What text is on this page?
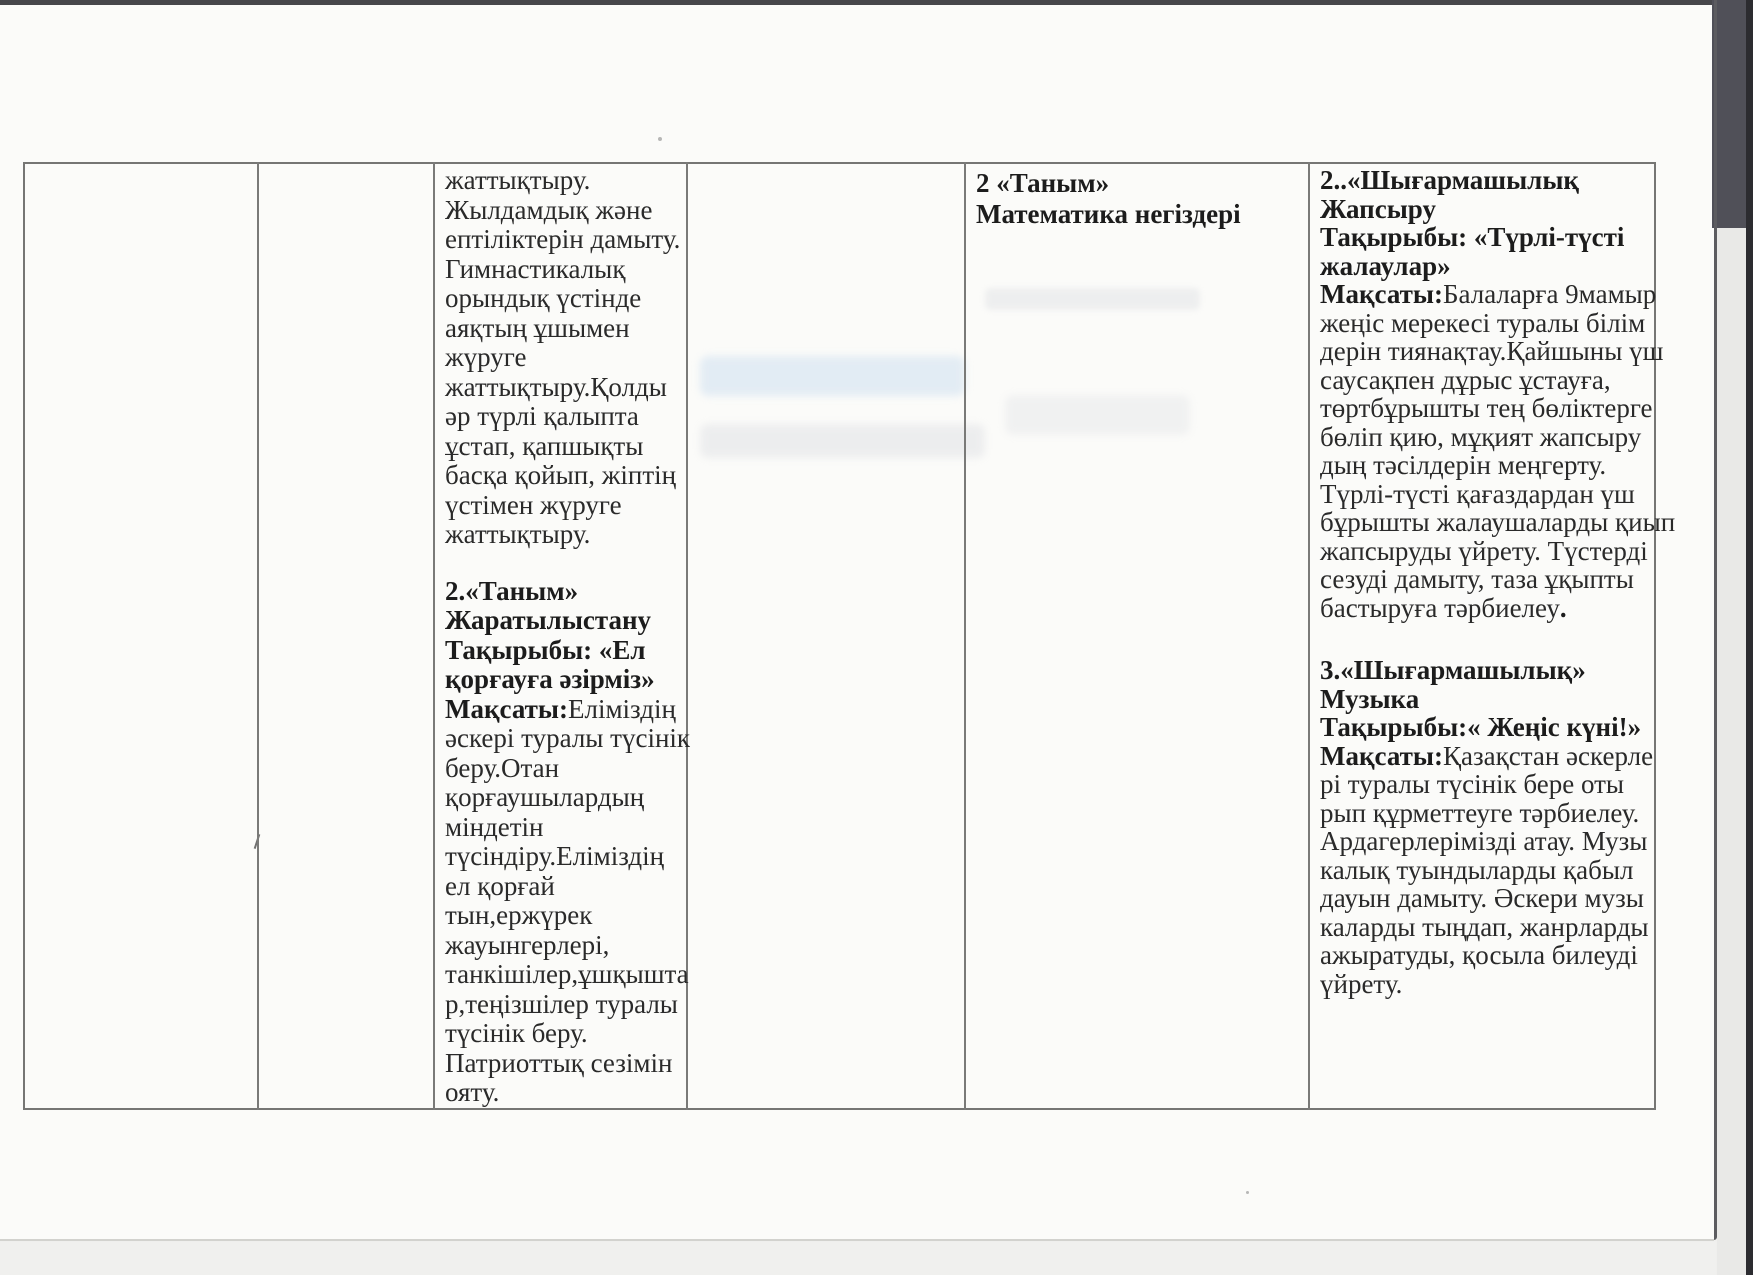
жаттықтыру.
Жылдамдық және
ептіліктерін дамыту.
Гимнастикалық
орындық үстінде
аяқтың ұшымен
жүруге
жаттықтыру.Қолды
әр түрлі қалыпта
ұстап, қапшықты
басқа қойып, жіптің
үстімен жүруге
жаттықтыру.
2.«Таным»
Жаратылыстану
Тақырыбы: «Ел
қорғауға әзірміз»
Мақсаты:Еліміздің
әскері туралы түсінік
беру.Отан
қорғаушылардың
міндетін
түсіндіру.Еліміздің
ел қорғай
тын,ержүрек
жауынгерлері,
танкішілер,ұшқышта
р,теңізшілер туралы
түсінік беру.
Патриоттық сезімін
ояту.
2 «Таным»
Математика негіздері
2..«Шығармашылық
Жапсыру
Тақырыбы: «Түрлі-түсті
жалаулар»
Мақсаты:Балаларға 9мамыр
жеңіс мерекесі туралы білім
дерін тиянақтау.Қайшыны үш
саусақпен дұрыс ұстауға,
төртбұрышты тең бөліктерге
бөліп қию, мұқият жапсыру
дың тәсілдерін меңгерту.
Түрлі-түсті қағаздардан үш
бұрышты жалаушаларды қиып
жапсыруды үйрету. Түстерді
сезуді дамыту, таза ұқыпты
бастыруға тәрбиелеу.
3.«Шығармашылық»
Музыка
Тақырыбы:« Жеңіс күні!»
Мақсаты:Қазақстан әскерле
рі туралы түсінік бере оты
рып құрметтеуге тәрбиелеу.
Ардагерлерімізді атау. Музы
калық туындыларды қабыл
дауын дамыту. Әскери музы
каларды тыңдап, жанрларды
ажыратуды, қосыла билеуді
үйрету.
